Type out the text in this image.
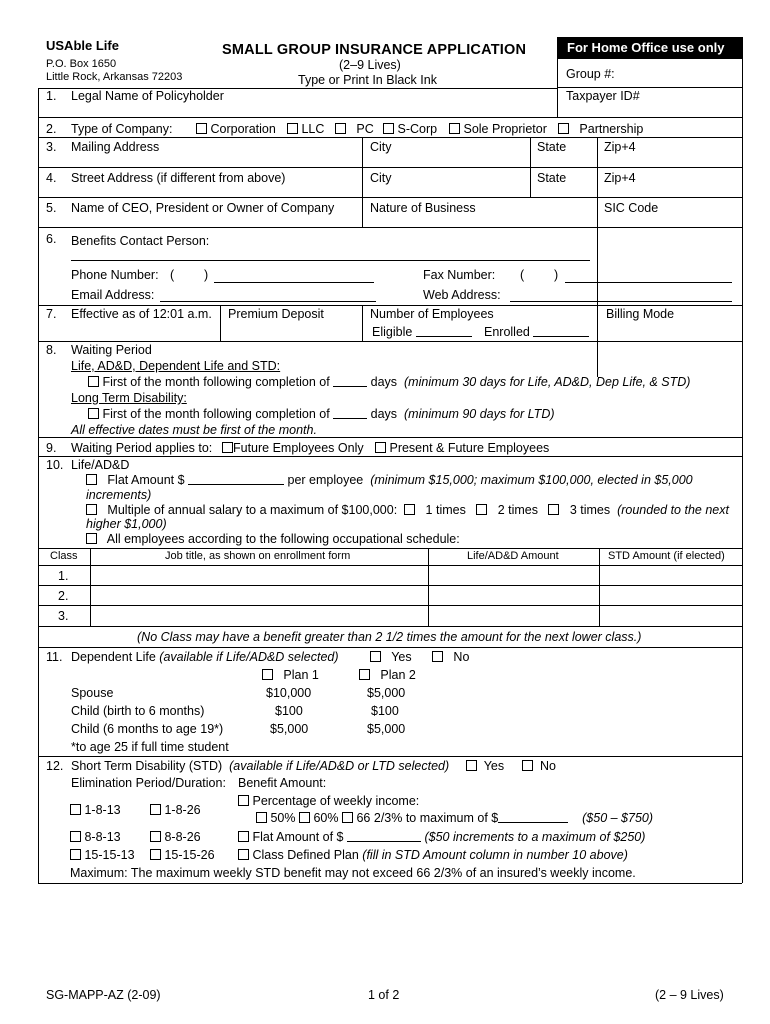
USAble Life
P.O. Box 1650
Little Rock, Arkansas 72203
SMALL GROUP INSURANCE APPLICATION
(2–9 Lives)
Type or Print In Black Ink
For Home Office use only
Group #:
1. Legal Name of Policyholder	Taxpayer ID#
2. Type of Company:	Corporation	LLC	PC	S-Corp	Sole Proprietor	Partnership
3. Mailing Address	City	State	Zip+4
4. Street Address (if different from above)	City	State	Zip+4
5. Name of CEO, President or Owner of Company	Nature of Business	SIC Code
6. Benefits Contact Person:
Phone Number: ( )	Fax Number: ( )
Email Address:	Web Address:
7. Effective as of 12:01 a.m. Premium Deposit	Number of Employees
Eligible	Enrolled
Billing Mode
8. Waiting Period
Life, AD&D, Dependent Life and STD:
First of the month following completion of	days (minimum 30 days for Life, AD&D, Dep Life, & STD)
Long Term Disability:
First of the month following completion of	days (minimum 90 days for LTD)
All effective dates must be first of the month.
9. Waiting Period applies to:	Future Employees Only	Present & Future Employees
10. Life/AD&D
Flat Amount $	per employee (minimum $15,000; maximum $100,000, elected in $5,000
increments)
Multiple of annual salary to a maximum of $100,000: 1 times	2 times	3 times (rounded to the next
higher $1,000)
All employees according to the following occupational schedule:
Class	Job title, as shown on enrollment form	Life/AD&D Amount	STD Amount (if elected)
1.
2.
3.
(No Class may have a benefit greater than 2 1/2 times the amount for the next lower class.)
11. Dependent Life (available if Life/AD&D selected)	Yes	No
Plan 1	Plan 2
Spouse	$10,000	$5,000
Child (birth to 6 months)	$100	$100
Child (6 months to age 19*)	$5,000	$5,000
*to age 25 if full time student
12. Short Term Disability (STD) (available if Life/AD&D or LTD selected)	Yes	No
Elimination Period/Duration: Benefit Amount:
1-8-13	1-8-26
8-8-13	8-8-26
15-15-13	15-15-26
Percentage of weekly income:
50% 60% 66 2/3% to maximum of $	($50 – $750)
Flat Amount of $	($50 increments to a maximum of $250)
Class Defined Plan (fill in STD Amount column in number 10 above)
Maximum: The maximum weekly STD benefit may not exceed 66 2/3% of an insured’s weekly income.
SG-MAPP-AZ (2-09)	1 of 2	(2 – 9 Lives)
